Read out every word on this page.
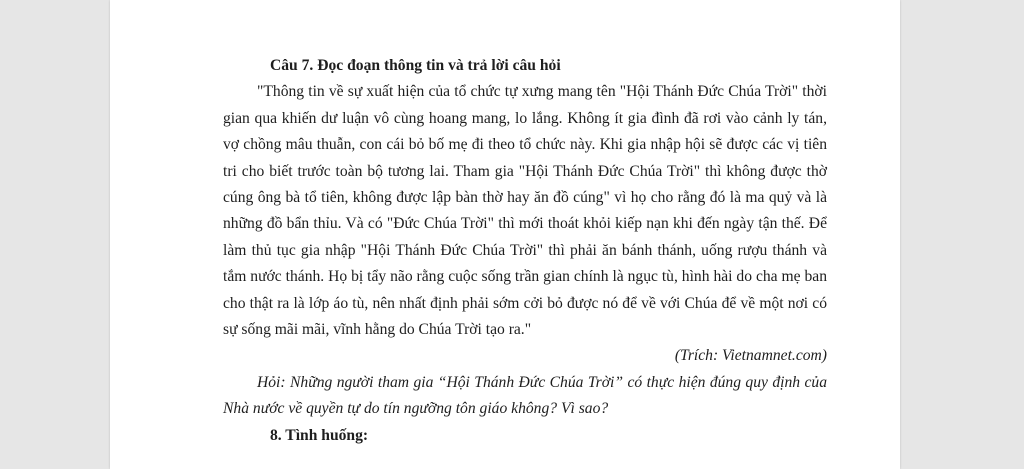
Câu 7. Đọc đoạn thông tin và trả lời câu hỏi

"Thông tin về sự xuất hiện của tổ chức tự xưng mang tên "Hội Thánh Đức Chúa Trời" thời gian qua khiến dư luận vô cùng hoang mang, lo lắng. Không ít gia đình đã rơi vào cảnh ly tán, vợ chồng mâu thuẫn, con cái bỏ bố mẹ đi theo tổ chức này. Khi gia nhập hội sẽ được các vị tiên tri cho biết trước toàn bộ tương lai. Tham gia "Hội Thánh Đức Chúa Trời" thì không được thờ cúng ông bà tổ tiên, không được lập bàn thờ hay ăn đồ cúng" vì họ cho rằng đó là ma quỷ và là những đồ bẩn thỉu. Và có "Đức Chúa Trời" thì mới thoát khỏi kiếp nạn khi đến ngày tận thế. Để làm thủ tục gia nhập "Hội Thánh Đức Chúa Trời" thì phải ăn bánh thánh, uống rượu thánh và tắm nước thánh. Họ bị tẩy não rằng cuộc sống trần gian chính là ngục tù, hình hài do cha mẹ ban cho thật ra là lớp áo tù, nên nhất định phải sớm cởi bỏ được nó để về với Chúa để về một nơi có sự sống mãi mãi, vĩnh hằng do Chúa Trời tạo ra."

(Trích: Vietnamnet.com)

Hỏi: Những người tham gia “Hội Thánh Đức Chúa Trời” có thực hiện đúng quy định của Nhà nước về quyền tự do tín ngưỡng tôn giáo không? Vì sao?

8. Tình huống:
